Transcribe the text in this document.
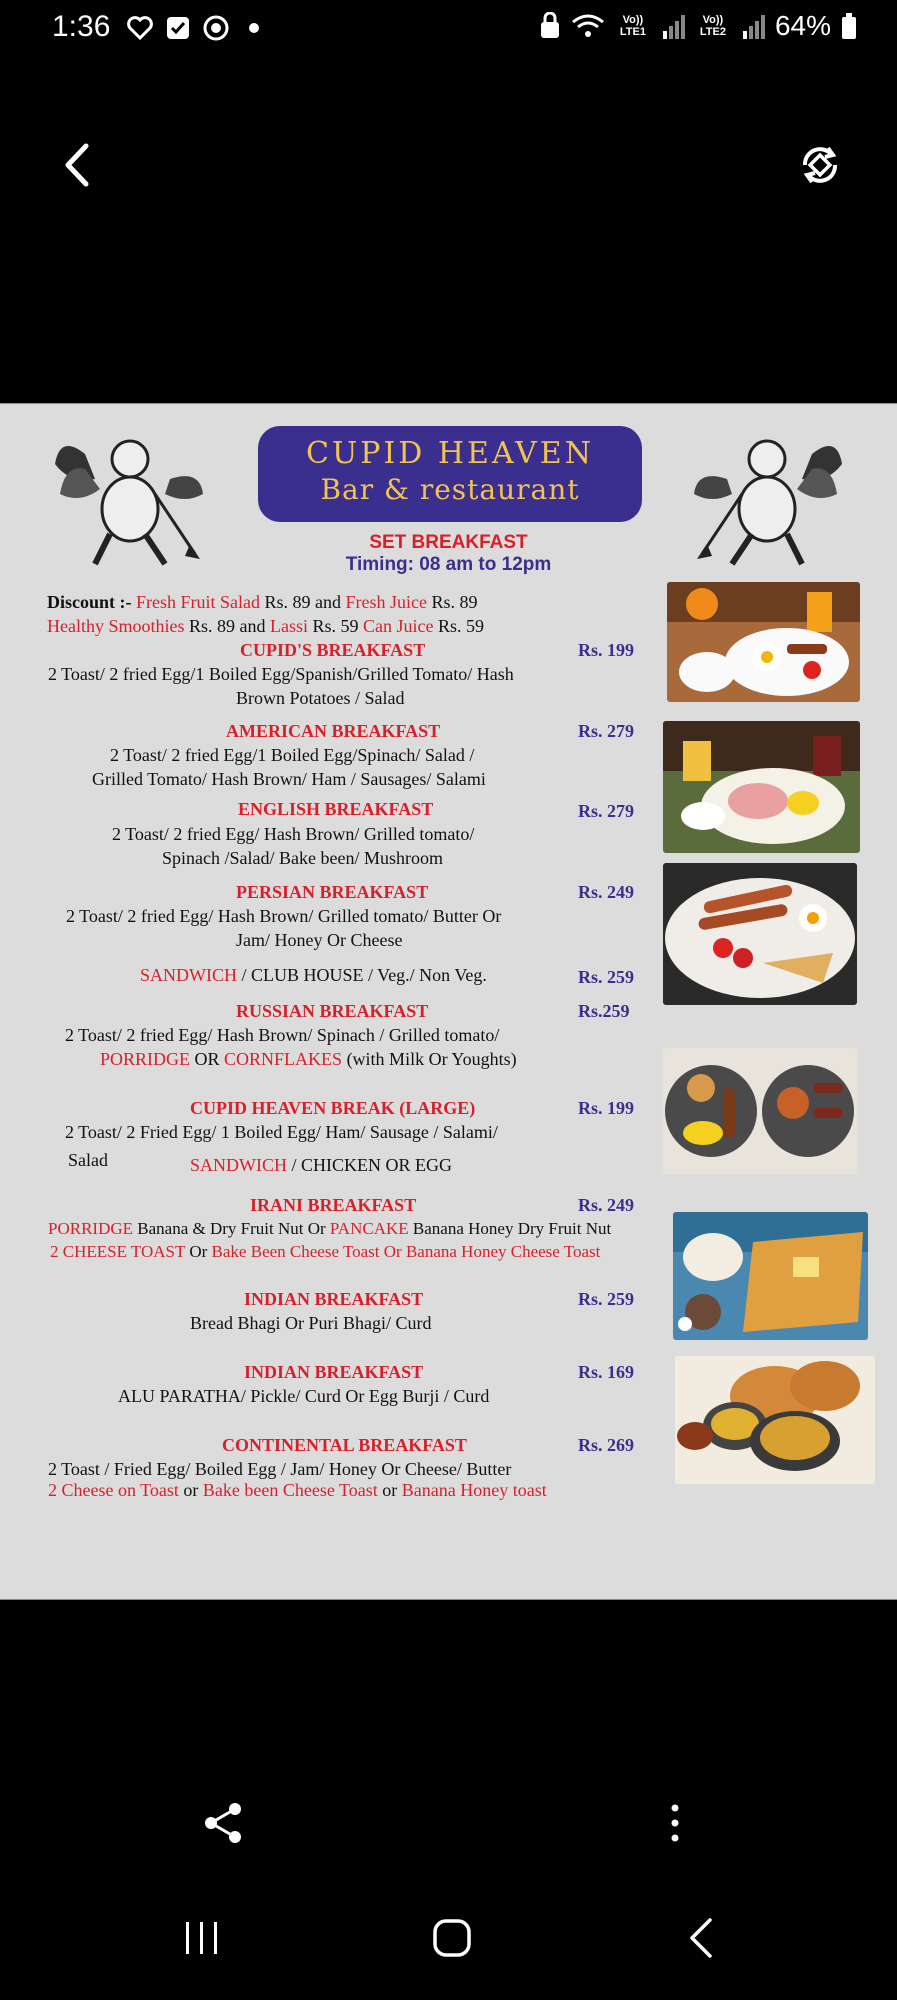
1:36	Vo)) LTE1
Vo)) LTE2 64%
CUPID HEAVEN
Bar & restaurant
SET BREAKFAST
Timing: 08 am to 12pm
Discount :- Fresh Fruit Salad Rs. 89 and Fresh Juice Rs. 89
Healthy Smoothies Rs. 89 and Lassi Rs. 59 Can Juice Rs. 59
CUPID'S BREAKFAST	Rs. 199
2 Toast/ 2 fried Egg/1 Boiled Egg/Spanish/Grilled Tomato/ Hash
Brown Potatoes / Salad
AMERICAN BREAKFAST	Rs. 279
2 Toast/ 2 fried Egg/1 Boiled Egg/Spinach/ Salad /
Grilled Tomato/ Hash Brown/ Ham / Sausages/ Salami
ENGLISH BREAKFAST	Rs. 279
2 Toast/ 2 fried Egg/ Hash Brown/ Grilled tomato/
Spinach /Salad/ Bake been/ Mushroom
PERSIAN BREAKFAST	Rs. 249
2 Toast/ 2 fried Egg/ Hash Brown/ Grilled tomato/ Butter Or
Jam/ Honey Or Cheese
SANDWICH / CLUB HOUSE / Veg./ Non Veg.	Rs. 259
RUSSIAN BREAKFAST	Rs.259
2 Toast/ 2 fried Egg/ Hash Brown/ Spinach / Grilled tomato/
PORRIDGE OR CORNFLAKES (with Milk Or Youghts)
CUPID HEAVEN BREAK (LARGE)	Rs. 199
2 Toast/ 2 Fried Egg/ 1 Boiled Egg/ Ham/ Sausage / Salami/
Salad	SANDWICH / CHICKEN OR EGG
IRANI BREAKFAST	Rs. 249
PORRIDGE Banana & Dry Fruit Nut Or PANCAKE Banana Honey Dry Fruit Nut
2 CHEESE TOAST Or Bake Been Cheese Toast Or Banana Honey Cheese Toast
INDIAN BREAKFAST	Rs. 259
Bread Bhagi Or Puri Bhagi/ Curd
INDIAN BREAKFAST	Rs. 169
ALU PARATHA/ Pickle/ Curd Or Egg Burji / Curd
CONTINENTAL BREAKFAST	Rs. 269
2 Toast / Fried Egg/ Boiled Egg / Jam/ Honey Or Cheese/ Butter
2 Cheese on Toast or Bake been Cheese Toast or Banana Honey toast
